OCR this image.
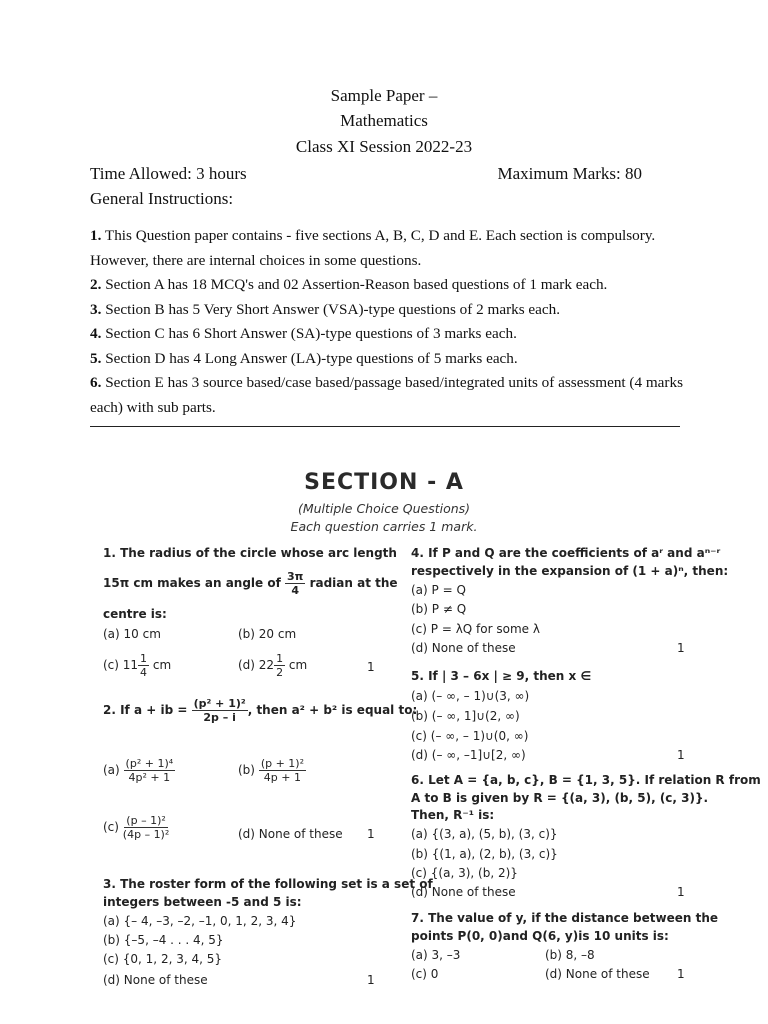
Sample Paper –
Mathematics
Class XI Session 2022-23
Time Allowed: 3 hours	Maximum Marks: 80
General Instructions:

1. This Question paper contains - five sections A, B, C, D and E. Each section is compulsory. However, there are internal choices in some questions.

2. Section A has 18 MCQ's and 02 Assertion-Reason based questions of 1 mark each.

3. Section B has 5 Very Short Answer (VSA)-type questions of 2 marks each.

4. Section C has 6 Short Answer (SA)-type questions of 3 marks each.

5. Section D has 4 Long Answer (LA)-type questions of 5 marks each.

6. Section E has 3 source based/case based/passage based/integrated units of assessment (4 marks each) with sub parts.

SECTION - A
(Multiple Choice Questions)
Each question carries 1 mark.
1. The radius of the circle whose arc length
15π cm makes an angle of $\frac{3\pi}{4}$ radian at the
centre is:
(a) 10 cm	(b) 20 cm
(c) $11 \frac{1}{4}$ cm	(d) $22 \frac{1}{2}$ cm	1
2. If a + ib = $\frac{\text{(p² + 1)²}}{2p - i}$ , then a² + b² is equal to:
$(a) \frac{\text{(p² + 1)⁴}}{\text{4p² + 1}}$	$(b) \frac{\text{(p + 1)²}}{4p + 1}$
$(c) \frac{\text{(p – 1)²}}{\text{(4p – 1)²}}$	(d) None of these 1
3. The roster form of the following set is a set of
integers between -5 and 5 is:
(a) {– 4, –3, –2, –1, 0, 1, 2, 3, 4}
(b) {–5, –4 . . . 4, 5}
(c) {0, 1, 2, 3, 4, 5}
(d) None of these	1
4. If P and Q are the coefficients of aʳ and aⁿ⁻ʳ
respectively in the expansion of (1 + a)ⁿ, then:
(a) P = Q
(b) P ≠ Q
(c) P = λQ for some λ
(d) None of these	1
5. If | 3 – 6x | ≥ 9, then x ∈
(a) (– ∞, – 1)∪(3, ∞)
(b) (– ∞, 1]∪(2, ∞)
(c) (– ∞, – 1)∪(0, ∞)
(d) (– ∞, –1]∪[2, ∞)	1
6. Let A = {a, b, c}, B = {1, 3, 5}. If relation R from
A to B is given by R = {(a, 3), (b, 5), (c, 3)}.
Then, R⁻¹ is:
(a) {(3, a), (5, b), (3, c)}
(b) {(1, a), (2, b), (3, c)}
(c) {(a, 3), (b, 2)}
(d) None of these	1
7. The value of y, if the distance between the
points P(0, 0)and Q(6, y)is 10 units is:
(a) 3, –3	(b) 8, –8
(c) 0	(d) None of these 1
